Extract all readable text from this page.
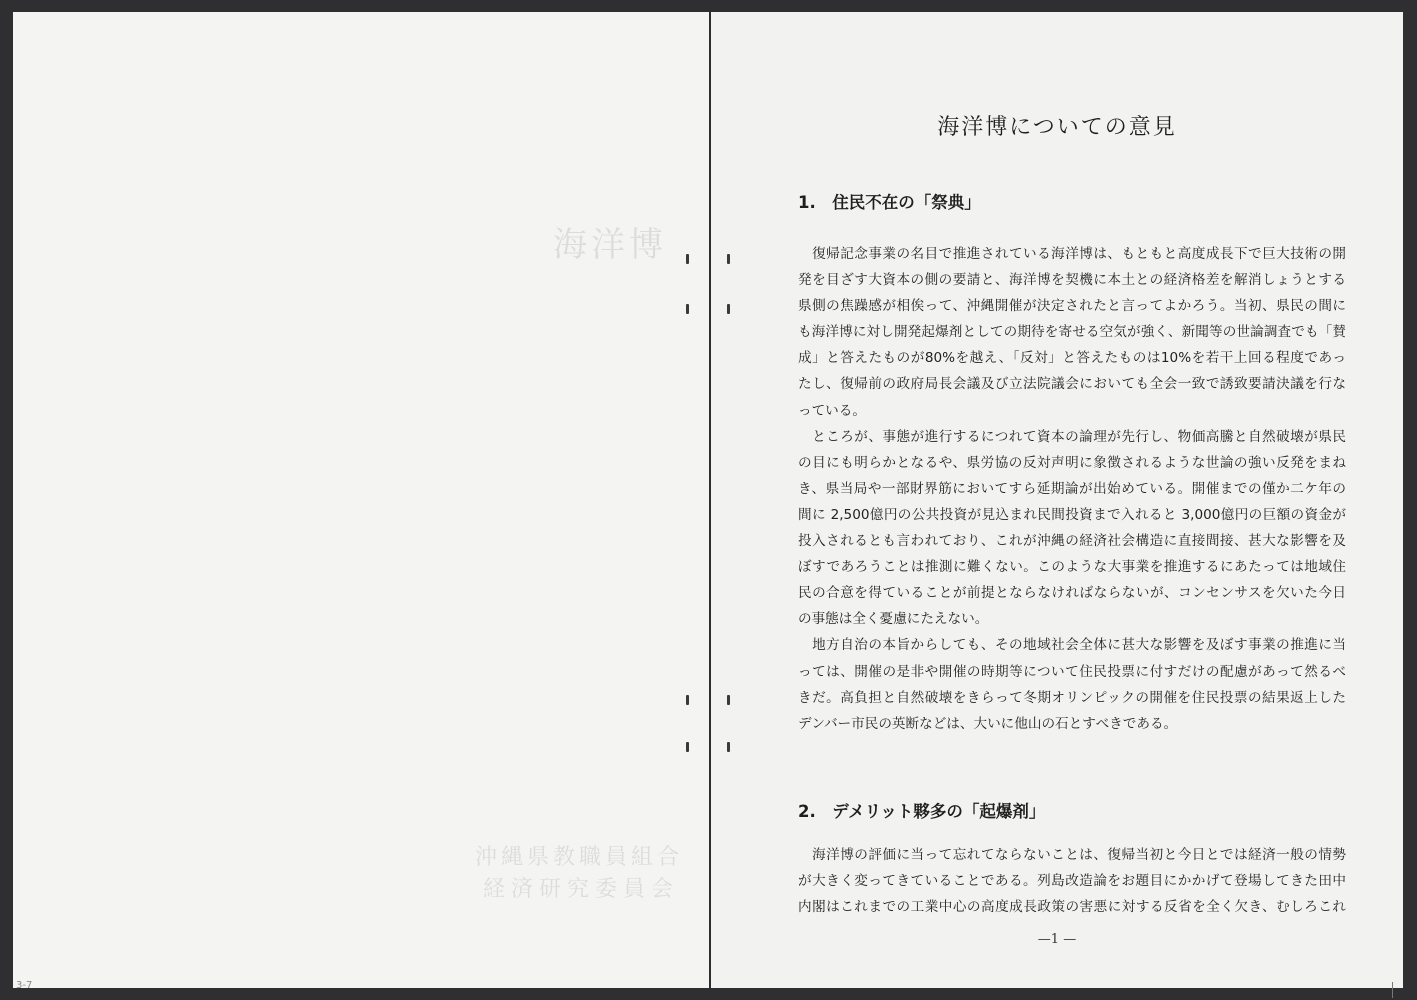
海洋博
沖縄県教職員組合
経済研究委員会
3-7
海洋博についての意見
1.　住民不在の「祭典」
　復帰記念事業の名目で推進されている海洋博は、もともと高度成長下で巨大技術の開
発を目ざす大資本の側の要請と、海洋博を契機に本土との経済格差を解消しょうとする
県側の焦躁感が相俟って、沖縄開催が決定されたと言ってよかろう。当初、県民の間に
も海洋博に対し開発起爆剤としての期待を寄せる空気が強く、新聞等の世論調査でも「賛
成」と答えたものが80%を越え、「反対」と答えたものは10%を若干上回る程度であっ
たし、復帰前の政府局長会議及び立法院議会においても全会一致で誘致要請決議を行な
っている。
　ところが、事態が進行するにつれて資本の論理が先行し、物価高騰と自然破壊が県民
の目にも明らかとなるや、県労協の反対声明に象徴されるような世論の強い反発をまね
き、県当局や一部財界筋においてすら延期論が出始めている。開催までの僅か二ケ年の
間に 2,500億円の公共投資が見込まれ民間投資まで入れると 3,000億円の巨額の資金が
投入されるとも言われており、これが沖縄の経済社会構造に直接間接、甚大な影響を及
ぼすであろうことは推測に難くない。このような大事業を推進するにあたっては地域住
民の合意を得ていることが前提とならなければならないが、コンセンサスを欠いた今日
の事態は全く憂慮にたえない。
　地方自治の本旨からしても、その地域社会全体に甚大な影響を及ぼす事業の推進に当
っては、開催の是非や開催の時期等について住民投票に付すだけの配慮があって然るべ
きだ。高負担と自然破壊をきらって冬期オリンピックの開催を住民投票の結果返上した
デンバー市民の英断などは、大いに他山の石とすべきである。
2.　デメリット夥多の「起爆剤」
　海洋博の評価に当って忘れてならないことは、復帰当初と今日とでは経済一般の情勢
が大きく変ってきていることである。列島改造論をお題目にかかげて登場してきた田中
内閣はこれまでの工業中心の高度成長政策の害悪に対する反省を全く欠き、むしろこれ
—1 —
